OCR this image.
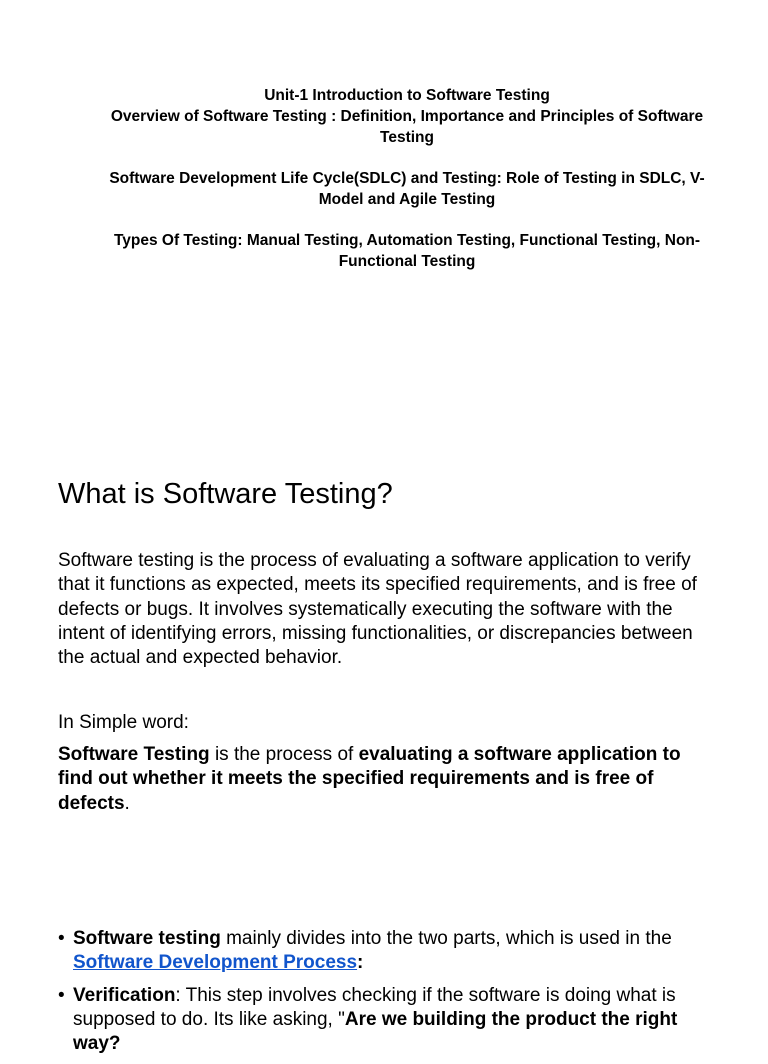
Unit-1 Introduction to Software Testing

Overview of Software Testing : Definition, Importance and Principles of Software Testing

Software Development Life Cycle(SDLC) and Testing: Role of Testing in SDLC, V-Model and Agile Testing

Types Of Testing: Manual Testing, Automation Testing, Functional Testing, Non-Functional Testing

What is Software Testing?

Software testing is the process of evaluating a software application to verify that it functions as expected, meets its specified requirements, and is free of defects or bugs. It involves systematically executing the software with the intent of identifying errors, missing functionalities, or discrepancies between the actual and expected behavior.

In Simple word:

Software Testing is the process of evaluating a software application to find out whether it meets the specified requirements and is free of defects.

• Software testing mainly divides into the two parts, which is used in the Software Development Process:
• Verification: This step involves checking if the software is doing what is supposed to do. Its like asking, "Are we building the product the right way?
